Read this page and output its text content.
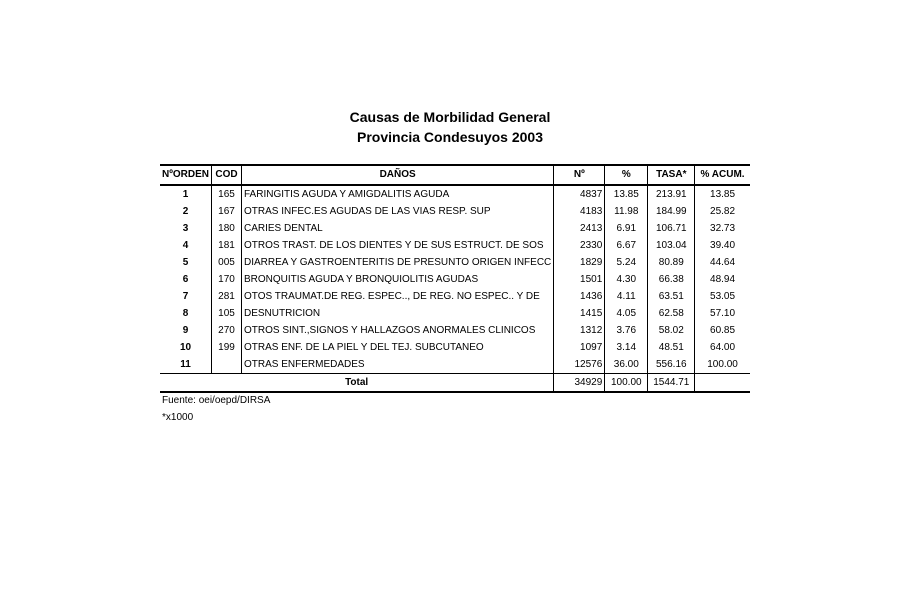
Causas de Morbilidad General
Provincia Condesuyos 2003
NºORDEN	COD	DAÑOS	Nº	%	TASA*	% ACUM.
1	165	FARINGITIS AGUDA Y AMIGDALITIS AGUDA	4837	13.85	213.91	13.85
2	167	OTRAS INFEC.ES AGUDAS DE LAS VIAS RESP. SUP	4183	11.98	184.99	25.82
3	180	CARIES DENTAL	2413	6.91	106.71	32.73
4	181	OTROS TRAST. DE LOS DIENTES Y DE SUS ESTRUCT. DE SOS	2330	6.67	103.04	39.40
5	005	DIARREA Y GASTROENTERITIS DE PRESUNTO ORIGEN INFECC	1829	5.24	80.89	44.64
6	170	BRONQUITIS AGUDA Y BRONQUIOLITIS AGUDAS	1501	4.30	66.38	48.94
7	281	OTOS TRAUMAT.DE REG. ESPEC.., DE REG. NO ESPEC.. Y DE	1436	4.11	63.51	53.05
8	105	DESNUTRICION	1415	4.05	62.58	57.10
9	270	OTROS SINT.,SIGNOS Y HALLAZGOS ANORMALES CLINICOS	1312	3.76	58.02	60.85
10	199	OTRAS ENF. DE LA PIEL Y DEL TEJ. SUBCUTANEO	1097	3.14	48.51	64.00
11		OTRAS ENFERMEDADES	12576	36.00	556.16	100.00
Total			34929	100.00	1544.71	
Fuente: oei/oepd/DIRSA
*x1000
